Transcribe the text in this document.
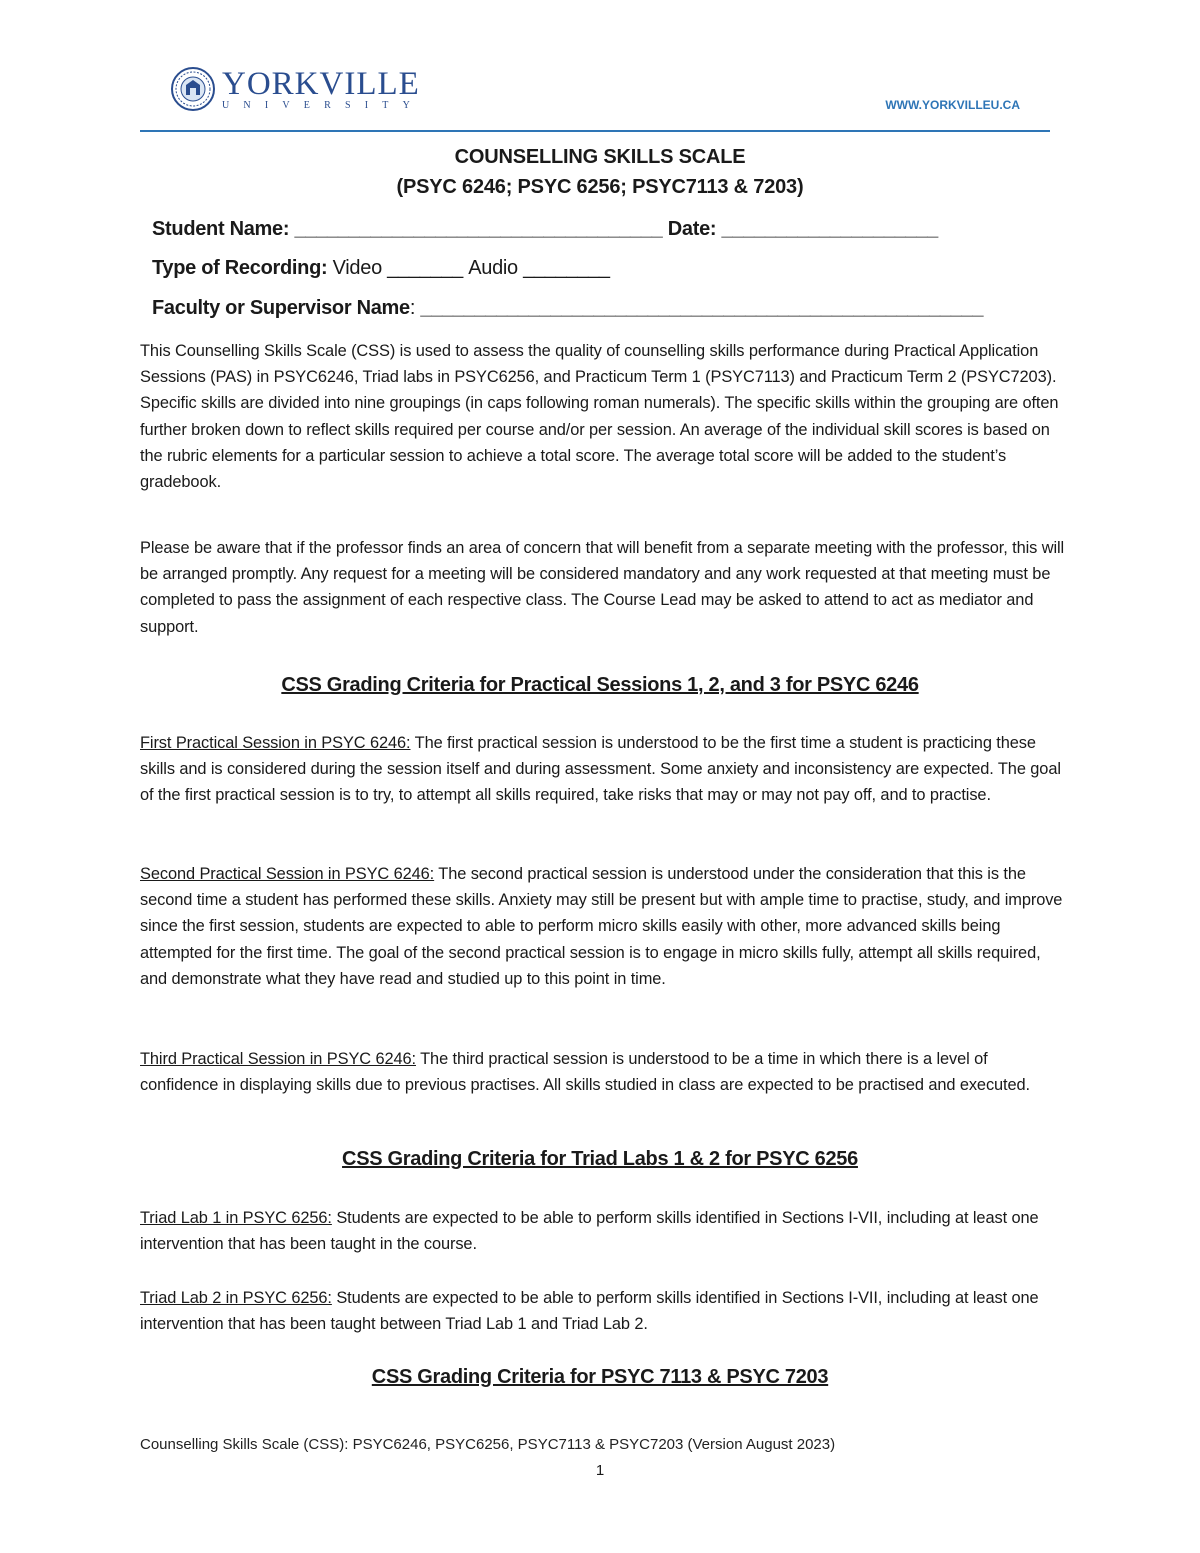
YORKVILLE
UNIVERSITY	WWW.YORKVILLEU.CA
COUNSELLING SKILLS SCALE
(PSYC 6246; PSYC 6256; PSYC7113 & 7203)
Student Name: __________________________________ Date: ____________________
Type of Recording: Video _______ Audio ________
Faculty or Supervisor Name: ____________________________________________________

This Counselling Skills Scale (CSS) is used to assess the quality of counselling skills performance during Practical Application Sessions (PAS) in PSYC6246, Triad labs in PSYC6256, and Practicum Term 1 (PSYC7113) and Practicum Term 2 (PSYC7203). Specific skills are divided into nine groupings (in caps following roman numerals). The specific skills within the grouping are often further broken down to reflect skills required per course and/or per session. An average of the individual skill scores is based on the rubric elements for a particular session to achieve a total score. The average total score will be added to the student’s gradebook.

Please be aware that if the professor finds an area of concern that will benefit from a separate meeting with the professor, this will be arranged promptly. Any request for a meeting will be considered mandatory and any work requested at that meeting must be completed to pass the assignment of each respective class. The Course Lead may be asked to attend to act as mediator and support.

CSS Grading Criteria for Practical Sessions 1, 2, and 3 for PSYC 6246

First Practical Session in PSYC 6246: The first practical session is understood to be the first time a student is practicing these skills and is considered during the session itself and during assessment. Some anxiety and inconsistency are expected. The goal of the first practical session is to try, to attempt all skills required, take risks that may or may not pay off, and to practise.

Second Practical Session in PSYC 6246: The second practical session is understood under the consideration that this is the second time a student has performed these skills. Anxiety may still be present but with ample time to practise, study, and improve since the first session, students are expected to able to perform micro skills easily with other, more advanced skills being attempted for the first time. The goal of the second practical session is to engage in micro skills fully, attempt all skills required, and demonstrate what they have read and studied up to this point in time.

Third Practical Session in PSYC 6246: The third practical session is understood to be a time in which there is a level of confidence in displaying skills due to previous practises. All skills studied in class are expected to be practised and executed.

CSS Grading Criteria for Triad Labs 1 & 2 for PSYC 6256

Triad Lab 1 in PSYC 6256: Students are expected to be able to perform skills identified in Sections I-VII, including at least one intervention that has been taught in the course.

Triad Lab 2 in PSYC 6256: Students are expected to be able to perform skills identified in Sections I-VII, including at least one intervention that has been taught between Triad Lab 1 and Triad Lab 2.

CSS Grading Criteria for PSYC 7113 & PSYC 7203
Counselling Skills Scale (CSS): PSYC6246, PSYC6256, PSYC7113 & PSYC7203 (Version August 2023)
1
